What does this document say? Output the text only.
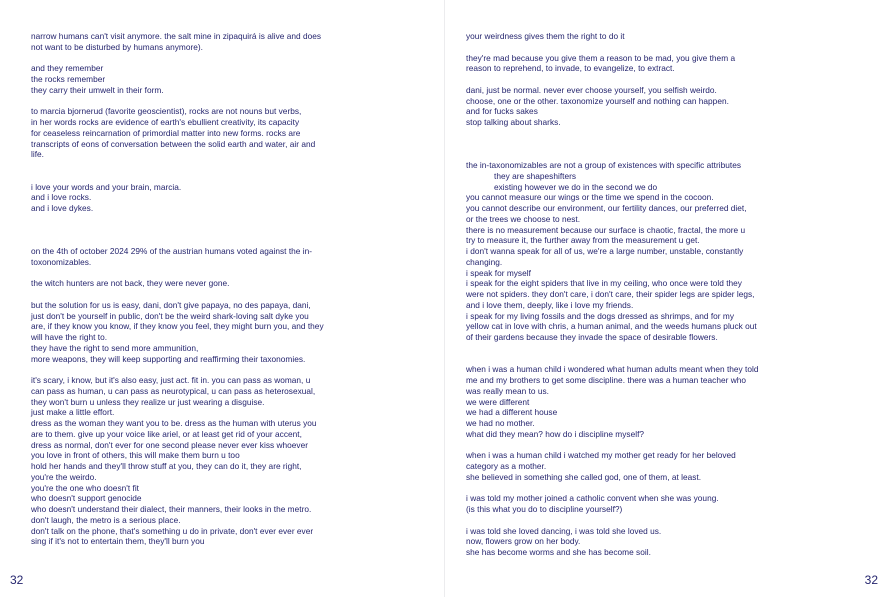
narrow humans can't visit anymore. the salt mine in zipaquirá is alive and does
not want to be disturbed by humans anymore).
and they remember
the rocks remember
they carry their umwelt in their form.
to marcia bjornerud (favorite geoscientist), rocks are not nouns but verbs,
in her words rocks are evidence of earth's ebullient creativity, its capacity
for ceaseless reincarnation of primordial matter into new forms. rocks are
transcripts of eons of conversation between the solid earth and water, air and
life.
i love your words and your brain, marcia.
and i love rocks.
and i love dykes.
on the 4th of october 2024 29% of the austrian humans voted against the in-
toxonomizables.
the witch hunters are not back, they were never gone.
but the solution for us is easy, dani, don't give papaya, no des papaya, dani,
just don't be yourself in public, don't be the weird shark-loving salt dyke you
are, if they know you know, if they know you feel, they might burn you, and they
will have the right to.
they have the right to send more ammunition,
more weapons, they will keep supporting and reaffirming their taxonomies.
it's scary, i know, but it's also easy, just act. fit in. you can pass as woman, u
can pass as human, u can pass as neurotypical, u can pass as heterosexual,
they won't burn u unless they realize ur just wearing a disguise.
just make a little effort.
dress as the woman they want you to be. dress as the human with uterus you
are to them. give up your voice like ariel, or at least get rid of your accent,
dress as normal, don't ever for one second please never ever kiss whoever
you love in front of others, this will make them burn u too
hold her hands and they'll throw stuff at you, they can do it, they are right,
you're the weirdo.
you're the one who doesn't fit
who doesn't support genocide
who doesn't understand their dialect, their manners, their looks in the metro.
don't laugh, the metro is a serious place.
don't talk on the phone, that's something u do in private, don't ever ever ever
sing if it's not to entertain them, they'll burn you
your weirdness gives them the right to do it
they're mad because you give them a reason to be mad, you give them a
reason to reprehend, to invade, to evangelize, to extract.
dani, just be normal. never ever choose yourself, you selfish weirdo.
choose, one or the other. taxonomize yourself and nothing can happen.
and for fucks sakes
stop talking about sharks.
the in-taxonomizables are not a group of existences with specific attributes
they are shapeshifters
existing however we do in the second we do
you cannot measure our wings or the time we spend in the cocoon.
you cannot describe our environment, our fertility dances, our preferred diet,
or the trees we choose to nest.
there is no measurement because our surface is chaotic, fractal, the more u
try to measure it, the further away from the measurement u get.
i don't wanna speak for all of us, we're a large number, unstable, constantly
changing.
i speak for myself
i speak for the eight spiders that live in my ceiling, who once were told they
were not spiders. they don't care, i don't care, their spider legs are spider legs,
and i love them, deeply, like i love my friends.
i speak for my living fossils and the dogs dressed as shrimps, and for my
yellow cat in love with chris, a human animal, and the weeds humans pluck out
of their gardens because they invade the space of desirable flowers.
when i was a human child i wondered what human adults meant when they told
me and my brothers to get some discipline. there was a human teacher who
was really mean to us.
we were different
we had a different house
we had no mother.
what did they mean? how do i discipline myself?
when i was a human child i watched my mother get ready for her beloved
category as a mother.
she believed in something she called god, one of them, at least.
i was told my mother joined a catholic convent when she was young.
(is this what you do to discipline yourself?)
i was told she loved dancing, i was told she loved us.
now, flowers grow on her body.
she has become worms and she has become soil.
32	32
